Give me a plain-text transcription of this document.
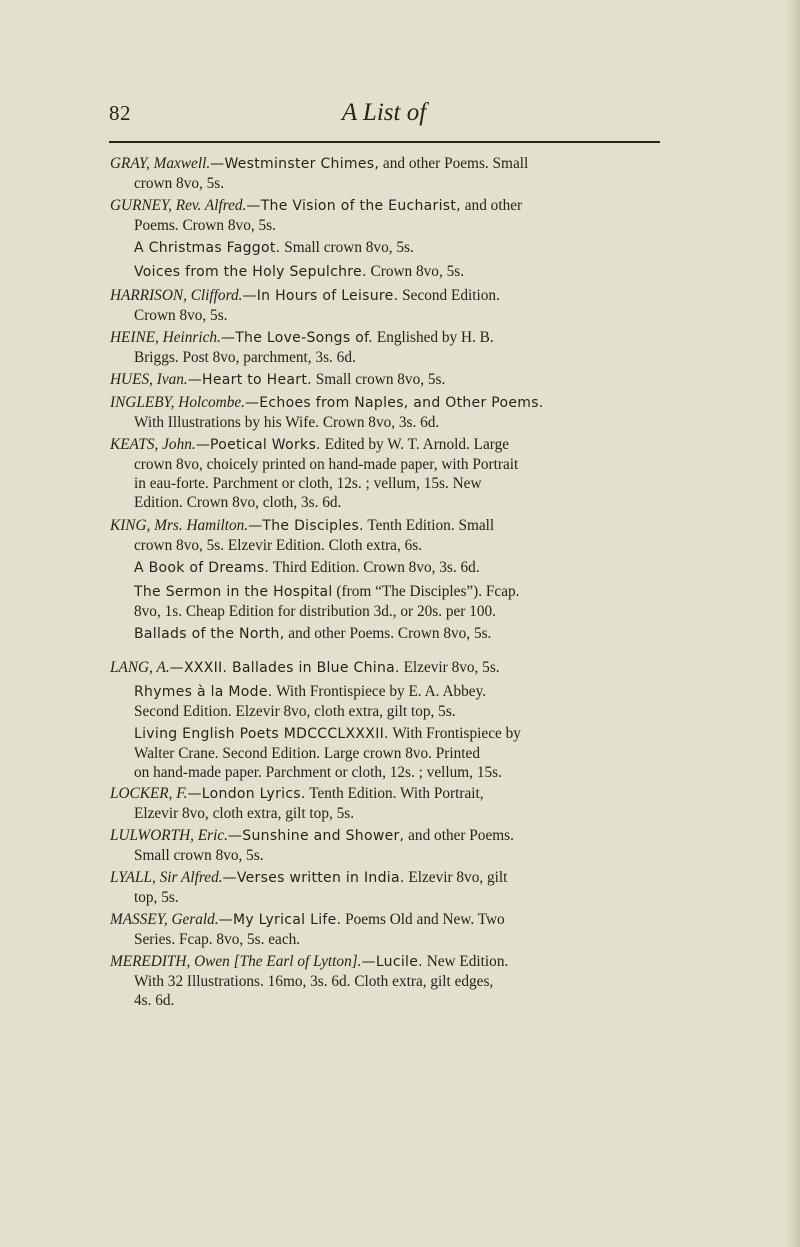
82	A List of
GRAY, Maxwell.—Westminster Chimes, and other Poems. Small
crown 8vo, 5s.
GURNEY, Rev. Alfred.—The Vision of the Eucharist, and other
Poems. Crown 8vo, 5s.
A Christmas Faggot. Small crown 8vo, 5s.
Voices from the Holy Sepulchre. Crown 8vo, 5s.
HARRISON, Clifford.—In Hours of Leisure. Second Edition.
Crown 8vo, 5s.
HEINE, Heinrich.—The Love-Songs of. Englished by H. B.
Briggs. Post 8vo, parchment, 3s. 6d.
HUES, Ivan.—Heart to Heart. Small crown 8vo, 5s.
INGLEBY, Holcombe.—Echoes from Naples, and Other Poems.
With Illustrations by his Wife. Crown 8vo, 3s. 6d.
KEATS, John.—Poetical Works. Edited by W. T. Arnold. Large
crown 8vo, choicely printed on hand-made paper, with Portrait
in eau-forte. Parchment or cloth, 12s. ; vellum, 15s. New
Edition. Crown 8vo, cloth, 3s. 6d.
KING, Mrs. Hamilton.—The Disciples. Tenth Edition. Small
crown 8vo, 5s. Elzevir Edition. Cloth extra, 6s.
A Book of Dreams. Third Edition. Crown 8vo, 3s. 6d.
The Sermon in the Hospital (from “The Disciples”). Fcap.
8vo, 1s. Cheap Edition for distribution 3d., or 20s. per 100.
Ballads of the North, and other Poems. Crown 8vo, 5s.
LANG, A.—XXXII. Ballades in Blue China. Elzevir 8vo, 5s.
Rhymes à la Mode. With Frontispiece by E. A. Abbey.
Second Edition. Elzevir 8vo, cloth extra, gilt top, 5s.
Living English Poets MDCCCLXXXII. With Frontispiece by
Walter Crane. Second Edition. Large crown 8vo. Printed
on hand-made paper. Parchment or cloth, 12s. ; vellum, 15s.
LOCKER, F.—London Lyrics. Tenth Edition. With Portrait,
Elzevir 8vo, cloth extra, gilt top, 5s.
LULWORTH, Eric.—Sunshine and Shower, and other Poems.
Small crown 8vo, 5s.
LYALL, Sir Alfred.—Verses written in India. Elzevir 8vo, gilt
top, 5s.
MASSEY, Gerald.—My Lyrical Life. Poems Old and New. Two
Series. Fcap. 8vo, 5s. each.
MEREDITH, Owen [The Earl of Lytton].—Lucile. New Edition.
With 32 Illustrations. 16mo, 3s. 6d. Cloth extra, gilt edges,
4s. 6d.
